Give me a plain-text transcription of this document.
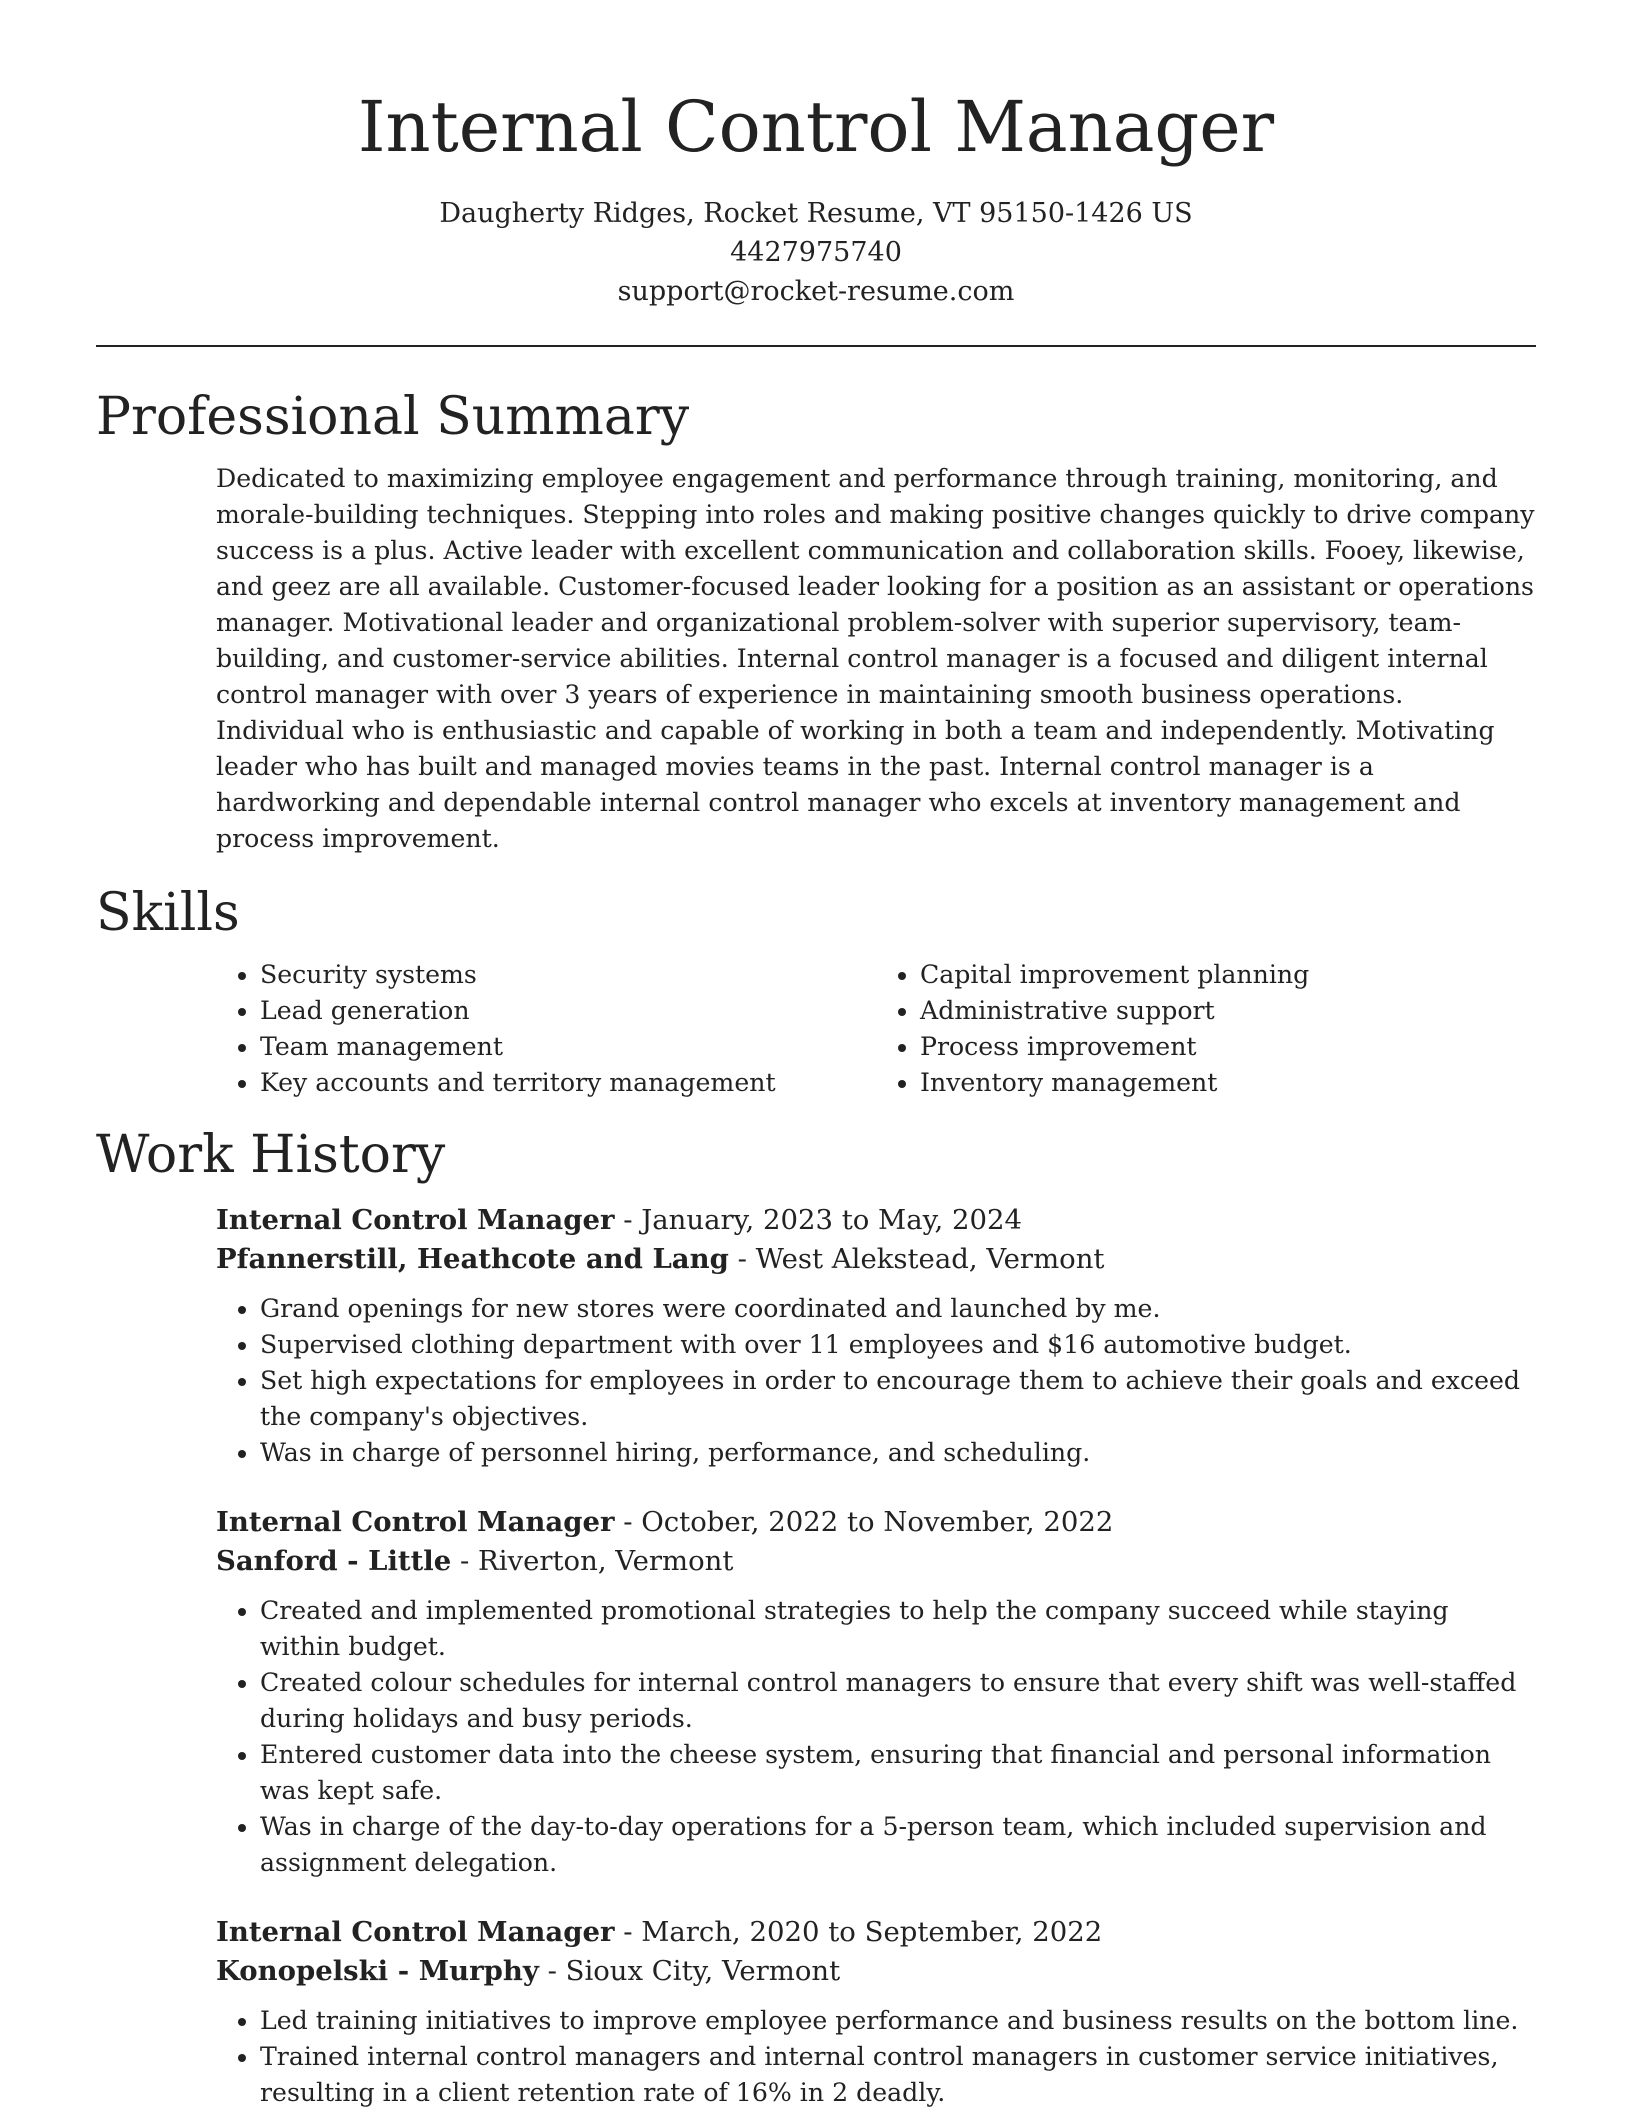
Internal Control Manager
Daugherty Ridges, Rocket Resume, VT 95150-1426 US
4427975740
support@rocket-resume.com
Professional Summary

Dedicated to maximizing employee engagement and performance through training, monitoring, and morale-building techniques. Stepping into roles and making positive changes quickly to drive company success is a plus. Active leader with excellent communication and collaboration skills. Fooey, likewise, and geez are all available. Customer-focused leader looking for a position as an assistant or operations manager. Motivational leader and organizational problem-solver with superior supervisory, team-building, and customer-service abilities. Internal control manager is a focused and diligent internal control manager with over 3 years of experience in maintaining smooth business operations. Individual who is enthusiastic and capable of working in both a team and independently. Motivating leader who has built and managed movies teams in the past. Internal control manager is a hardworking and dependable internal control manager who excels at inventory management and process improvement.

Skills
• Security systems
• Lead generation
• Team management
• Key accounts and territory management
• Capital improvement planning
• Administrative support
• Process improvement
• Inventory management
Work History
Internal Control Manager - January, 2023 to May, 2024
Pfannerstill, Heathcote and Lang - West Alekstead, Vermont
• Grand openings for new stores were coordinated and launched by me.
• Supervised clothing department with over 11 employees and $16 automotive budget.
• Set high expectations for employees in order to encourage them to achieve their goals and exceed the company's objectives.
• Was in charge of personnel hiring, performance, and scheduling.
Internal Control Manager - October, 2022 to November, 2022
Sanford - Little - Riverton, Vermont
• Created and implemented promotional strategies to help the company succeed while staying within budget.
• Created colour schedules for internal control managers to ensure that every shift was well-staffed during holidays and busy periods.
• Entered customer data into the cheese system, ensuring that financial and personal information was kept safe.
• Was in charge of the day-to-day operations for a 5-person team, which included supervision and assignment delegation.
Internal Control Manager - March, 2020 to September, 2022
Konopelski - Murphy - Sioux City, Vermont
• Led training initiatives to improve employee performance and business results on the bottom line.
• Trained internal control managers and internal control managers in customer service initiatives, resulting in a client retention rate of 16% in 2 deadly.
